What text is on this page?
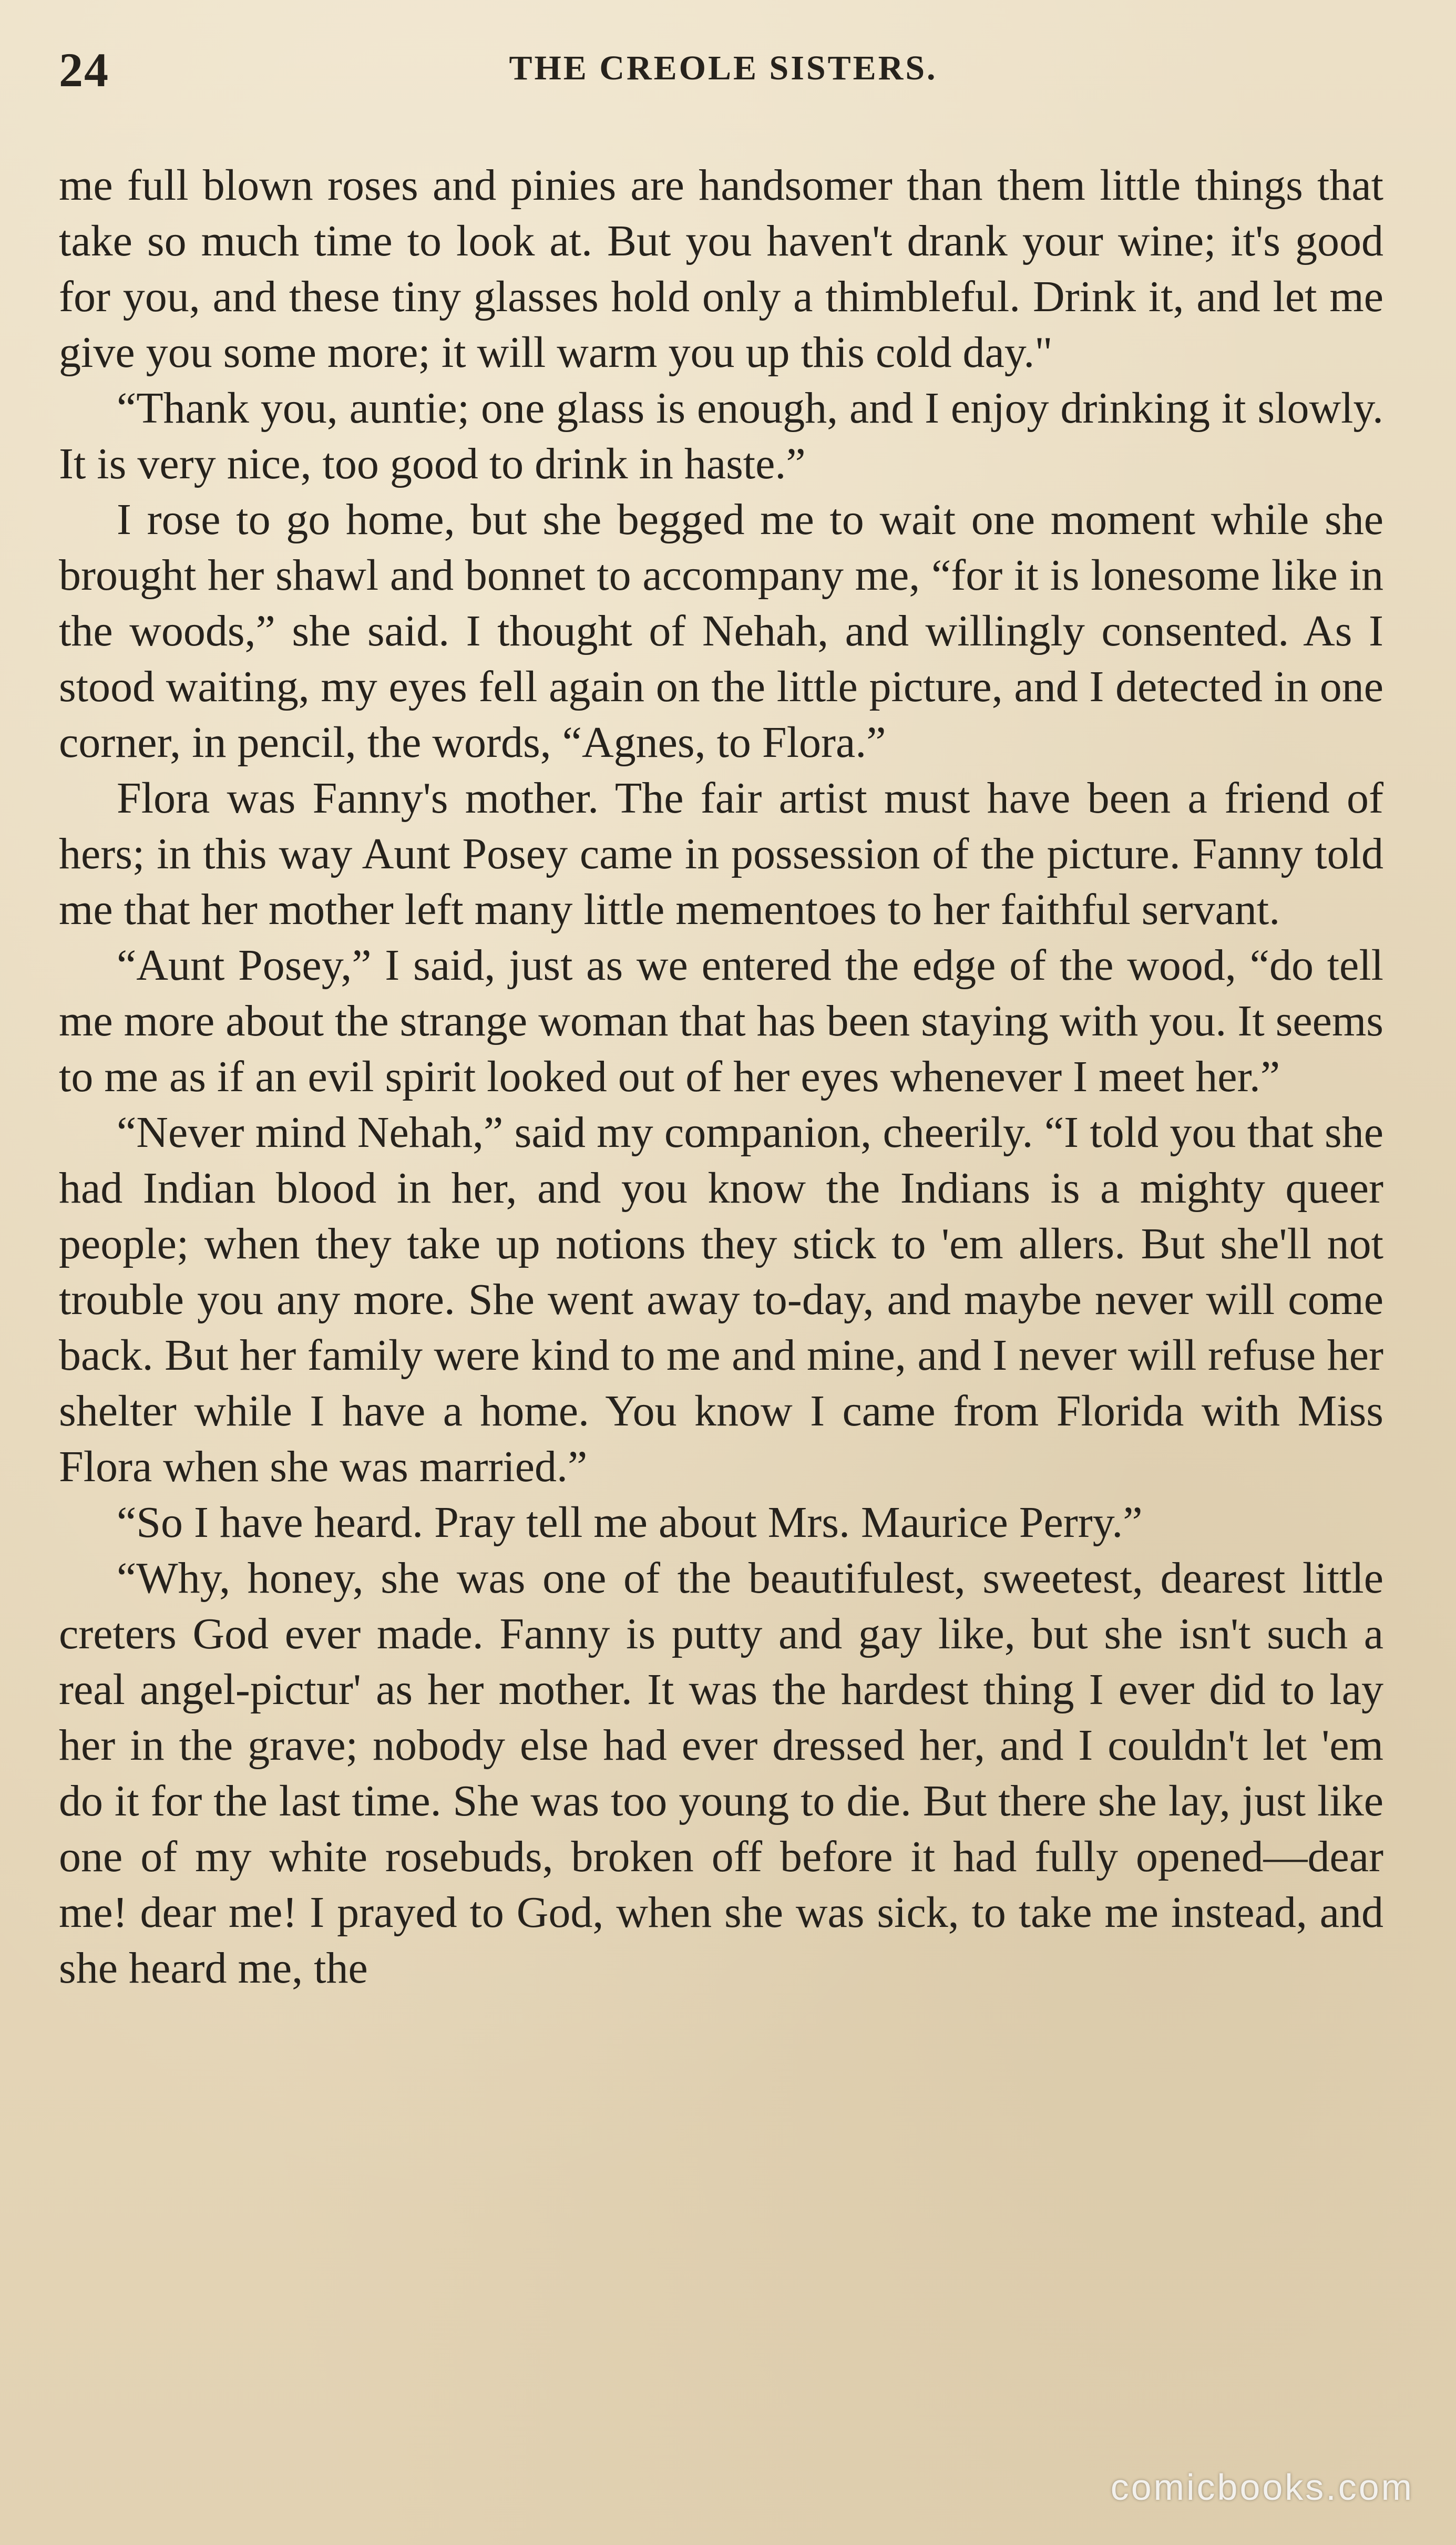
24	THE CREOLE SISTERS.

me full blown roses and pinies are handsomer than them little things that take so much time to look at. But you haven't drank your wine; it's good for you, and these tiny glasses hold only a thimbleful. Drink it, and let me give you some more; it will warm you up this cold day."

“Thank you, auntie; one glass is enough, and I enjoy drinking it slowly. It is very nice, too good to drink in haste.”

I rose to go home, but she begged me to wait one moment while she brought her shawl and bonnet to accompany me, “for it is lonesome like in the woods,” she said. I thought of Nehah, and willingly consented. As I stood waiting, my eyes fell again on the little picture, and I detected in one corner, in pencil, the words, “Agnes, to Flora.”

Flora was Fanny's mother. The fair artist must have been a friend of hers; in this way Aunt Posey came in possession of the picture. Fanny told me that her mother left many little mementoes to her faithful servant.

“Aunt Posey,” I said, just as we entered the edge of the wood, “do tell me more about the strange woman that has been staying with you. It seems to me as if an evil spirit looked out of her eyes whenever I meet her.”

“Never mind Nehah,” said my companion, cheerily. “I told you that she had Indian blood in her, and you know the Indians is a mighty queer people; when they take up notions they stick to 'em allers. But she'll not trouble you any more. She went away to-day, and maybe never will come back. But her family were kind to me and mine, and I never will refuse her shelter while I have a home. You know I came from Florida with Miss Flora when she was married.”

“So I have heard. Pray tell me about Mrs. Maurice Perry.”

“Why, honey, she was one of the beautifulest, sweetest, dearest little creters God ever made. Fanny is putty and gay like, but she isn't such a real angel-pictur' as her mother. It was the hardest thing I ever did to lay her in the grave; nobody else had ever dressed her, and I couldn't let 'em do it for the last time. She was too young to die. But there she lay, just like one of my white rosebuds, broken off before it had fully opened—dear me! dear me! I prayed to God, when she was sick, to take me instead, and she heard me, the

comicbooks.com
